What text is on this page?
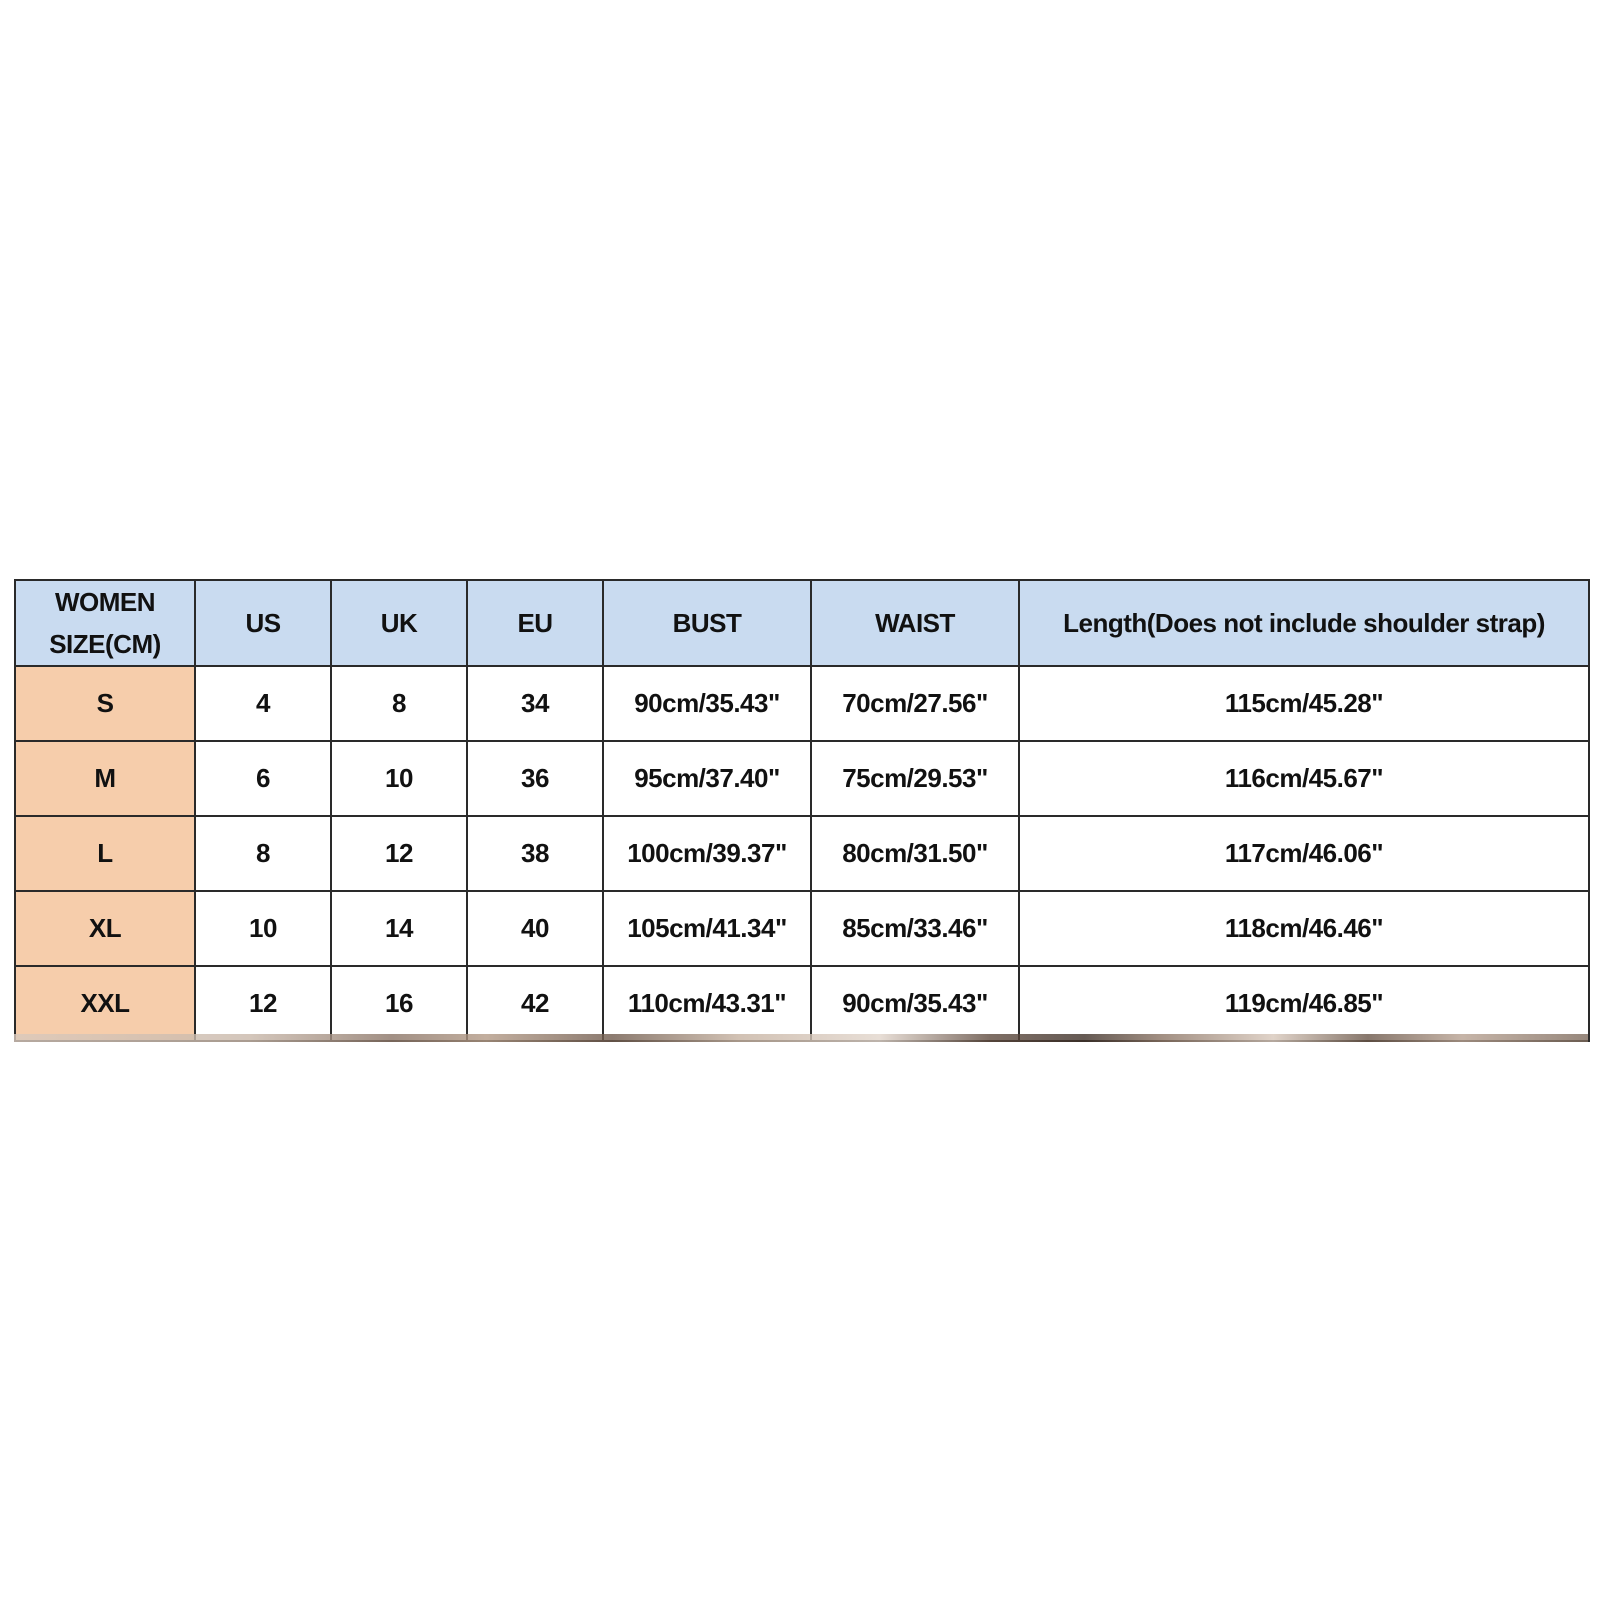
WOMEN
SIZE(CM)	US	UK	EU	BUST	WAIST	Length(Does not include shoulder strap)
S	4	8	34	90cm/35.43"	70cm/27.56"	115cm/45.28"
M	6	10	36	95cm/37.40"	75cm/29.53"	116cm/45.67"
L	8	12	38	100cm/39.37"	80cm/31.50"	117cm/46.06"
XL	10	14	40	105cm/41.34"	85cm/33.46"	118cm/46.46"
XXL	12	16	42	110cm/43.31"	90cm/35.43"	119cm/46.85"
